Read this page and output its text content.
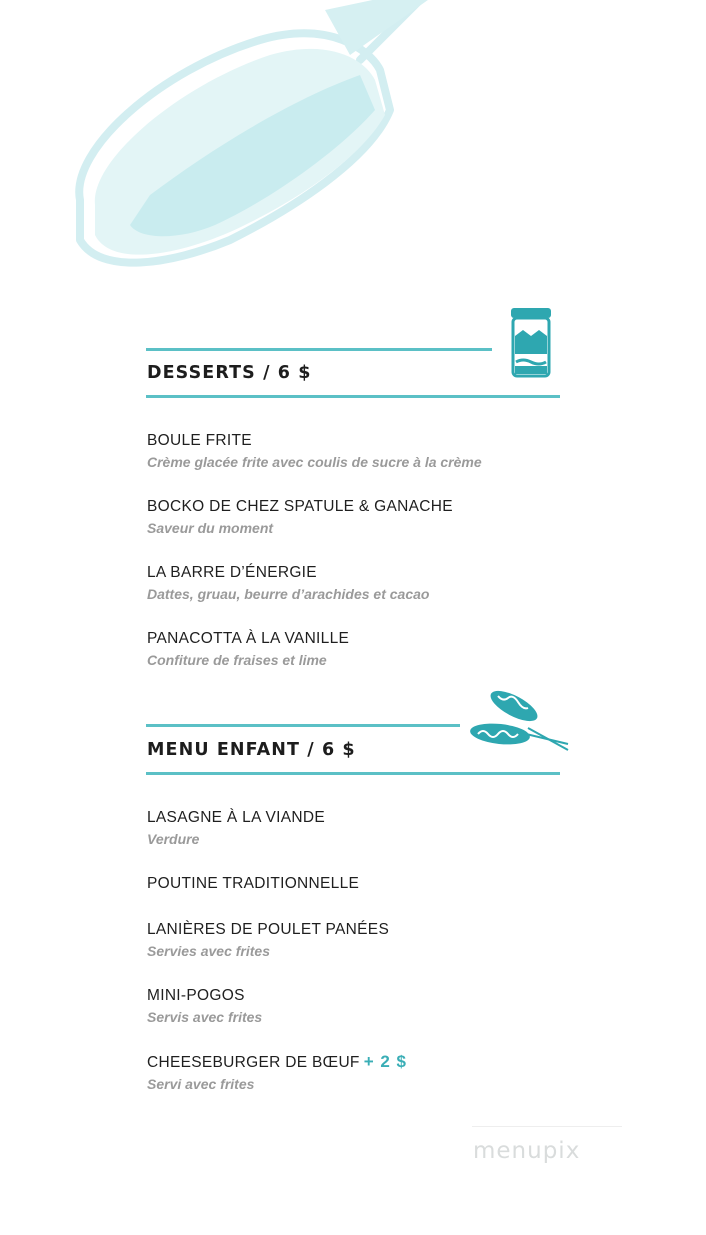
DESSERTS / 6 $
BOULE FRITE
Crème glacée frite avec coulis de sucre à la crème
BOCKO DE CHEZ SPATULE & GANACHE
Saveur du moment
LA BARRE D’ÉNERGIE
Dattes, gruau, beurre d’arachides et cacao
PANACOTTA À LA VANILLE
Confiture de fraises et lime
MENU ENFANT / 6 $
LASAGNE À LA VIANDE
Verdure
POUTINE TRADITIONNELLE
LANIÈRES DE POULET PANÉES
Servies avec frites
MINI-POGOS
Servis avec frites
CHEESEBURGER DE BŒUF + 2 $
Servi avec frites
menupix
